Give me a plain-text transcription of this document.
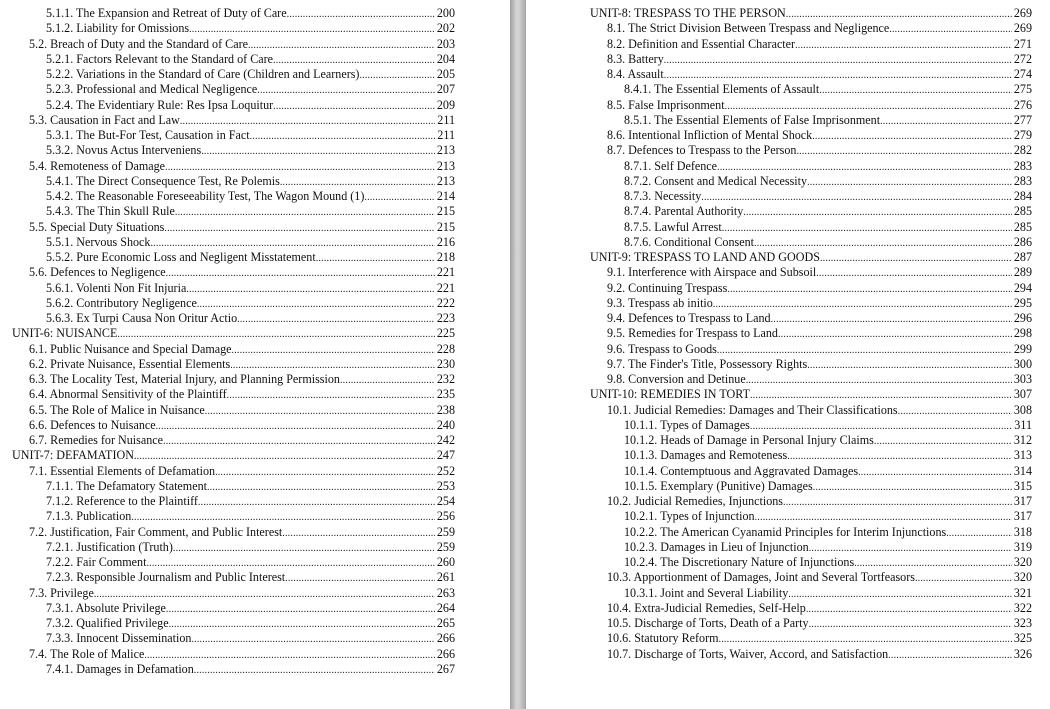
5.1.1. The Expansion and Retreat of Duty of Care .....	200
5.1.2. Liability for Omissions .....	202
5.2. Breach of Duty and the Standard of Care .....	203
5.2.1. Factors Relevant to the Standard of Care .....	204
5.2.2. Variations in the Standard of Care (Children and Learners) .....	205
5.2.3. Professional and Medical Negligence .....	207
5.2.4. The Evidentiary Rule: Res Ipsa Loquitur .....	209
5.3. Causation in Fact and Law .....	211
5.3.1. The But-For Test, Causation in Fact .....	211
5.3.2. Novus Actus Interveniens .....	213
5.4. Remoteness of Damage .....	213
5.4.1. The Direct Consequence Test, Re Polemis .....	213
5.4.2. The Reasonable Foreseeability Test, The Wagon Mound (1) .....	214
5.4.3. The Thin Skull Rule .....	215
5.5. Special Duty Situations .....	215
5.5.1. Nervous Shock .....	216
5.5.2. Pure Economic Loss and Negligent Misstatement .....	218
5.6. Defences to Negligence .....	221
5.6.1. Volenti Non Fit Injuria .....	221
5.6.2. Contributory Negligence .....	222
5.6.3. Ex Turpi Causa Non Oritur Actio .....	223
UNIT-6: NUISANCE .....	225
6.1. Public Nuisance and Special Damage .....	228
6.2. Private Nuisance, Essential Elements .....	230
6.3. The Locality Test, Material Injury, and Planning Permission .....	232
6.4. Abnormal Sensitivity of the Plaintiff .....	235
6.5. The Role of Malice in Nuisance .....	238
6.6. Defences to Nuisance .....	240
6.7. Remedies for Nuisance .....	242
UNIT-7: DEFAMATION .....	247
7.1. Essential Elements of Defamation .....	252
7.1.1. The Defamatory Statement .....	253
7.1.2. Reference to the Plaintiff .....	254
7.1.3. Publication .....	256
7.2. Justification, Fair Comment, and Public Interest .....	259
7.2.1. Justification (Truth) .....	259
7.2.2. Fair Comment .....	260
7.2.3. Responsible Journalism and Public Interest .....	261
7.3. Privilege .....	263
7.3.1. Absolute Privilege .....	264
7.3.2. Qualified Privilege .....	265
7.3.3. Innocent Dissemination .....	266
7.4. The Role of Malice .....	266
7.4.1. Damages in Defamation .....	267
UNIT-8: TRESPASS TO THE PERSON .....	269
8.1. The Strict Division Between Trespass and Negligence .....	269
8.2. Definition and Essential Character .....	271
8.3. Battery .....	272
8.4. Assault .....	274
8.4.1. The Essential Elements of Assault .....	275
8.5. False Imprisonment .....	276
8.5.1. The Essential Elements of False Imprisonment .....	277
8.6. Intentional Infliction of Mental Shock .....	279
8.7. Defences to Trespass to the Person .....	282
8.7.1. Self Defence .....	283
8.7.2. Consent and Medical Necessity .....	283
8.7.3. Necessity .....	284
8.7.4. Parental Authority .....	285
8.7.5. Lawful Arrest .....	285
8.7.6. Conditional Consent .....	286
UNIT-9: TRESPASS TO LAND AND GOODS .....	287
9.1. Interference with Airspace and Subsoil .....	289
9.2. Continuing Trespass .....	294
9.3. Trespass ab initio .....	295
9.4. Defences to Trespass to Land .....	296
9.5. Remedies for Trespass to Land .....	298
9.6. Trespass to Goods .....	299
9.7. The Finder's Title, Possessory Rights .....	300
9.8. Conversion and Detinue .....	303
UNIT-10: REMEDIES IN TORT .....	307
10.1. Judicial Remedies: Damages and Their Classifications .....	308
10.1.1. Types of Damages .....	311
10.1.2. Heads of Damage in Personal Injury Claims .....	312
10.1.3. Damages and Remoteness .....	313
10.1.4. Contemptuous and Aggravated Damages .....	314
10.1.5. Exemplary (Punitive) Damages .....	315
10.2. Judicial Remedies, Injunctions .....	317
10.2.1. Types of Injunction .....	317
10.2.2. The American Cyanamid Principles for Interim Injunctions .....	318
10.2.3. Damages in Lieu of Injunction .....	319
10.2.4. The Discretionary Nature of Injunctions .....	320
10.3. Apportionment of Damages, Joint and Several Tortfeasors .....	320
10.3.1. Joint and Several Liability .....	321
10.4. Extra-Judicial Remedies, Self-Help .....	322
10.5. Discharge of Torts, Death of a Party .....	323
10.6. Statutory Reform .....	325
10.7. Discharge of Torts, Waiver, Accord, and Satisfaction .....	326
